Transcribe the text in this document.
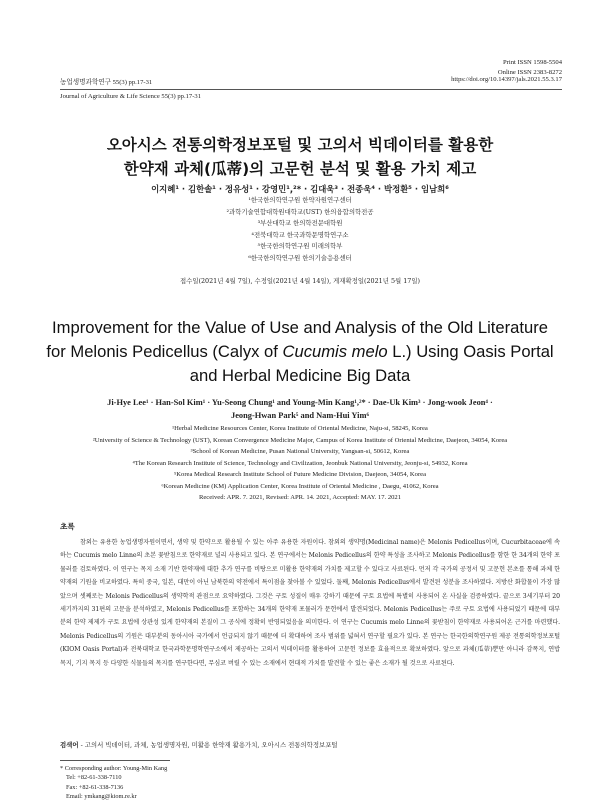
Print ISSN 1598-5504
Online ISSN 2383-8272
농업생명과학연구 55(3) pp.17-31	https://doi.org/10.14397/jals.2021.55.3.17
Journal of Agriculture & Life Science 55(3) pp.17-31
오아시스 전통의학정보포털 및 고의서 빅데이터를 활용한
한약재 과체(瓜蒂)의 고문헌 분석 및 활용 가치 제고
이지혜¹ · 김한솔¹ · 정유성¹ · 강영민¹,²* · 김대욱³ · 전종욱⁴ · 박정환⁵ · 임남희⁶
¹한국한의학연구원 한약자원연구센터
²과학기술연합대학원대학교(UST) 한의융합의학전공
³부산대학교 한의학전문대학원
⁴전북대학교 한국과학문명학연구소
⁵한국한의학연구원 미래의학부
⁶한국한의학연구원 한의기술응용센터
접수일(2021년 4월 7일), 수정일(2021년 4월 14일), 게재확정일(2021년 5월 17일)
Improvement for the Value of Use and Analysis of the Old Literature
for Melonis Pedicellus (Calyx of Cucumis melo L.) Using Oasis Portal
and Herbal Medicine Big Data
Ji-Hye Lee¹ · Han-Sol Kim¹ · Yu-Seong Chung¹ and Young-Min Kang¹,²* · Dae-Uk Kim³ · Jong-wook Jeon⁴ ·
Jeong-Hwan Park⁵ and Nam-Hui Yim⁶
¹Herbal Medicine Resources Center, Korea Institute of Oriental Medicine, Naju-si, 58245, Korea
²University of Science & Technology (UST), Korean Convergence Medicine Major, Campus of Korea Institute of Oriental Medicine, Daejeon, 34054, Korea
³School of Korean Medicine, Pusan National University, Yangsan-si, 50612, Korea
⁴The Korean Research Institute of Science, Technology and Civilization, Jeonbuk National University, Jeonju-si, 54932, Korea
⁵Korea Medical Research Institute School of Future Medicine Division, Daejeon, 34054, Korea
⁶Korean Medicine (KM) Application Center, Korea Institute of Oriental Medicine , Daegu, 41062, Korea
Received: APR. 7. 2021, Revised: APR. 14. 2021, Accepted: MAY. 17. 2021
초록
참외는 유용한 농업생명자원이면서, 생약 및 한약으로 활용될 수 있는 아주 유용한 자원이다. 참외의 생약명(Medicinal name)은 Melonis Pedicellus이며, Cucurbitaceae에 속하는 Cucumis melo Linne의 초본 꽃받침으로 한약재로 널리 사용되고 있다. 본 연구에서는 Melonis Pedicellus의 한약 특성을 조사하고 Melonis Pedicellus를 함한 한 34개의 한약 포뮬러를 검토하였다. 이 연구는 목지 소재 기반 한약재에 대한 추가 연구를 비탕으로 미활용 한약재의 가치를 제고할 수 있다고 사료된다. 먼저 각 국가의 공정서 및 고문헌 본초를 통해 과체 한약재의 기원을 비교하였다. 특히 중국, 일본, 대만이 아닌 남북한의 약전에서 특이점을 찾아볼 수 있었다. 둘째, Melonis Pedicellus에서 발견된 성분을 조사하였다. 지방산 화합물이 가장 많았으며 셋째로는 Melonis Pedicellus의 생약학적 관점으로 요약하였다. 그것은 구토 성질이 매우 강하기 때문에 구토 요법에 특별히 사용되어 온 사실을 검증하였다. 끝으로 3세기부터 20세기까지의 31편의 고문을 분석하였고, Melonis Pedicellus를 포함하는 34개의 한약재 포뮬러가 문헌에서 발견되었다. Melonis Pedicellus는 주로 구토 요법에 사용되었기 때문에 대부분의 한약 제제가 구토 요법에 상관성 있게 한약재의 본질이 그 공식에 정확히 반영되었음을 의미한다. 이 연구는 Cucumis melo Linne의 꽃받침이 한약재로 사용되어온 근거를 마련했다. Melonis Pedicellus의 기원은 대부분의 동아시아 국가에서 언급되지 않기 때문에 더 확대하여 조사 범위를 넓혀서 연구할 필요가 있다. 본 연구는 한국한의학연구원 제공 전통의학정보포털(KIOM Oasis Portal)과 전북대학교 한국과학문명학연구소에서 제공하는 고의서 빅데이터를 활용하여 고문헌 정보를 효율적으로 확보하였다. 앞으로 과체(瓜蒂)뿐만 아니라 감폭지, 연밥 목지, 기지 목지 등 다양한 식물들의 목지를 연구한다면, 무심코 버릴 수 있는 소재에서 현대적 가치를 발견할 수 있는 좋은 소재가 될 것으로 사료된다.
검색어 - 고의서 빅데이터, 과체, 농업생명자원, 미활용 한약재 활용가치, 오아시스 전통의학정보포털
* Corresponding author: Young-Min Kang
Tel: +82-61-338-7110
Fax: +82-61-338-7136
Email: ymkang@kiom.re.kr
